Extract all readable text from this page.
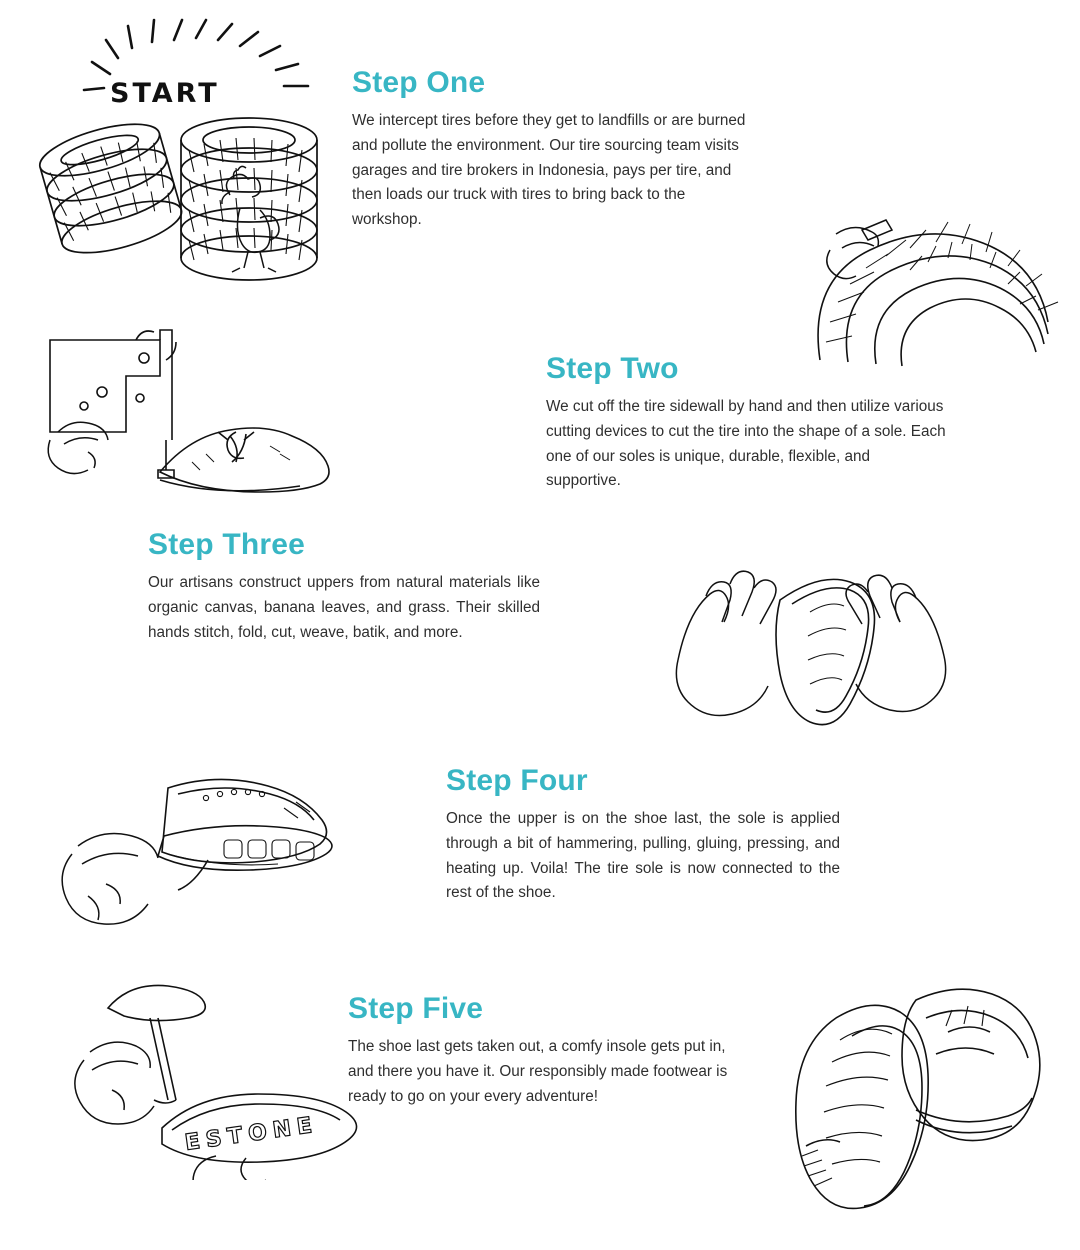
START	Step One

We intercept tires before they get to landfills or are burned and pollute the environment. Our tire sourcing team visits garages and tire brokers in Indonesia, pays per tire, and then loads our truck with tires to bring back to the workshop.

Step Two

We cut off the tire sidewall by hand and then utilize various cutting devices to cut the tire into the shape of a sole. Each one of our soles is unique, durable, flexible, and supportive.

Step Three

Our artisans construct uppers from natural materials like organic canvas, banana leaves, and grass. Their skilled hands stitch, fold, cut, weave, batik, and more.

Step Four

Once the upper is on the shoe last, the sole is applied through a bit of hammering, pulling, gluing, pressing, and heating up. Voila! The tire sole is now connected to the rest of the shoe.

ESTONE
Step Five

The shoe last gets taken out, a comfy insole gets put in, and there you have it. Our responsibly made footwear is ready to go on your every adventure!
